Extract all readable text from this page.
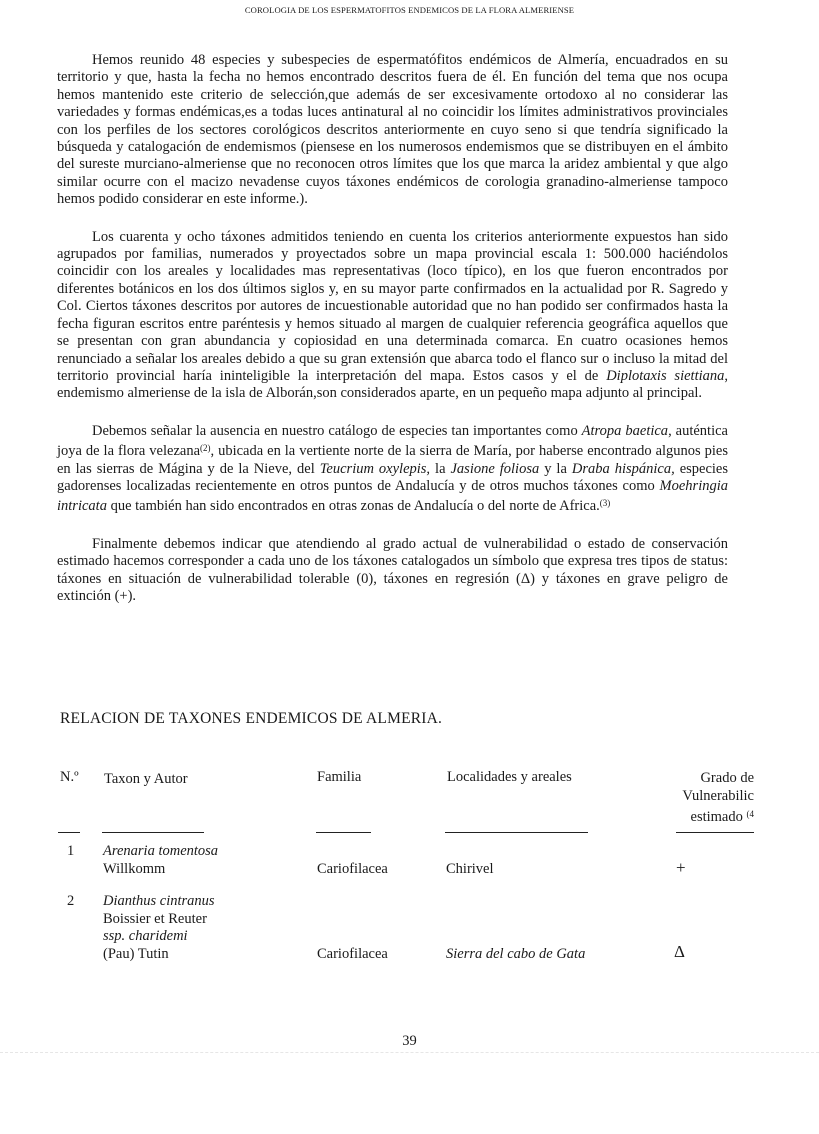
COROLOGIA DE LOS ESPERMATOFITOS ENDEMICOS DE LA FLORA ALMERIENSE

Hemos reunido 48 especies y subespecies de espermatófitos endémicos de Almería, encuadrados en su territorio y que, hasta la fecha no hemos encontrado descritos fuera de él. En función del tema que nos ocupa hemos mantenido este criterio de selección,que además de ser excesivamente ortodoxo al no considerar las variedades y formas endémicas,es a todas luces antinatural al no coincidir los límites administrativos provinciales con los perfiles de los sectores corológicos descritos anteriormente en cuyo seno si que tendría significado la búsqueda y catalogación de endemismos (piensese en los numerosos endemismos que se distribuyen en el ámbito del sureste murciano-almeriense que no reconocen otros límites que los que marca la aridez ambiental y que algo similar ocurre con el macizo nevadense cuyos táxones endémicos de corologia granadino-almeriense tampoco hemos podido considerar en este informe.).

Los cuarenta y ocho táxones admitidos teniendo en cuenta los criterios anteriormente expuestos han sido agrupados por familias, numerados y proyectados sobre un mapa provincial escala 1: 500.000 haciéndolos coincidir con los areales y localidades mas representativas (loco típico), en los que fueron encontrados por diferentes botánicos en los dos últimos siglos y, en su mayor parte confirmados en la actualidad por R. Sagredo y Col. Ciertos táxones descritos por autores de incuestionable autoridad que no han podido ser confirmados hasta la fecha figuran escritos entre paréntesis y hemos situado al margen de cualquier referencia geográfica aquellos que se presentan con gran abundancia y copiosidad en una determinada comarca. En cuatro ocasiones hemos renunciado a señalar los areales debido a que su gran extensión que abarca todo el flanco sur o incluso la mitad del territorio provincial haría ininteligible la interpretación del mapa. Estos casos y el de Diplotaxis siettiana, endemismo almeriense de la isla de Alborán,son considerados aparte, en un pequeño mapa adjunto al principal.

Debemos señalar la ausencia en nuestro catálogo de especies tan importantes como Atropa baetica, auténtica joya de la flora velezana$^{(2)}$, ubicada en la vertiente norte de la sierra de María, por haberse encontrado algunos pies en las sierras de Mágina y de la Nieve, del Teucrium oxylepis, la Jasione foliosa y la Draba hispánica, especies gadorenses localizadas recientemente en otros puntos de Andalucía y de otros muchos táxones como Moehringia intricata que también han sido encontrados en otras zonas de Andalucía o del norte de Africa.$^{(3)}$

Finalmente debemos indicar que atendiendo al grado actual de vulnerabilidad o estado de conservación estimado hacemos corresponder a cada uno de los táxones catalogados un símbolo que expresa tres tipos de status: táxones en situación de vulnerabilidad tolerable (0), táxones en regresión (Δ) y táxones en grave peligro de extinción (+).

RELACION DE TAXONES ENDEMICOS DE ALMERIA.
N.º Taxon y Autor	Familia	Localidades y areales	Grado de
Vulnerabilic
estimado $^{(4}$
1 Arenaria tomentosa
Willkomm	Cariofilacea	Chirivel	+
2 Dianthus cintranus
Boissier et Reuter
ssp. charidemi
(Pau) Tutin	Cariofilacea	Sierra del cabo de Gata	Δ
39
